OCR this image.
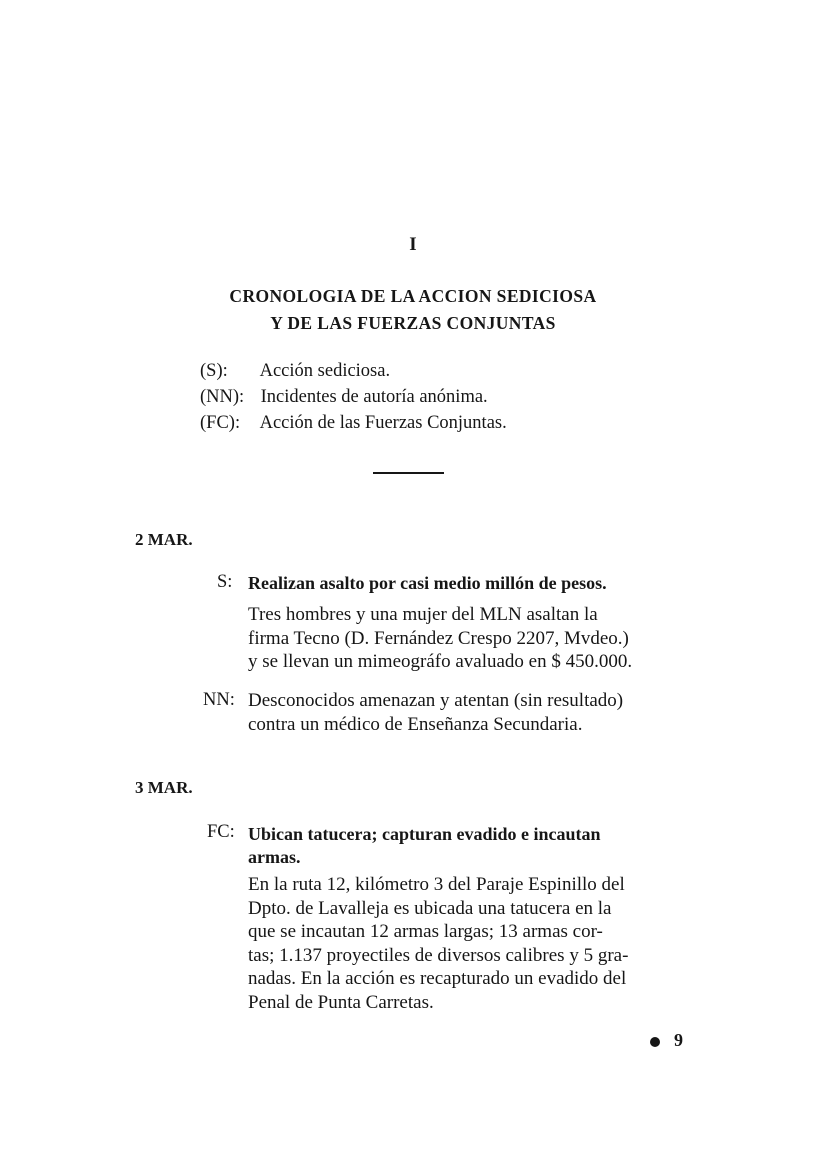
I
CRONOLOGIA DE LA ACCION SEDICIOSA
Y DE LAS FUERZAS CONJUNTAS
(S): Acción sediciosa.
(NN): Incidentes de autoría anónima.
(FC): Acción de las Fuerzas Conjuntas.
2 MAR.
S: Realizan asalto por casi medio millón de pesos.
Tres hombres y una mujer del MLN asaltan la
firma Tecno (D. Fernández Crespo 2207, Mvdeo.)
y se llevan un mimeográfo avaluado en $ 450.000.
NN: Desconocidos amenazan y atentan (sin resultado)
contra un médico de Enseñanza Secundaria.
3 MAR.
FC: Ubican tatucera; capturan evadido e incautan
armas.
En la ruta 12, kilómetro 3 del Paraje Espinillo del
Dpto. de Lavalleja es ubicada una tatucera en la
que se incautan 12 armas largas; 13 armas cor-
tas; 1.137 proyectiles de diversos calibres y 5 gra-
nadas. En la acción es recapturado un evadido del
Penal de Punta Carretas.
9
